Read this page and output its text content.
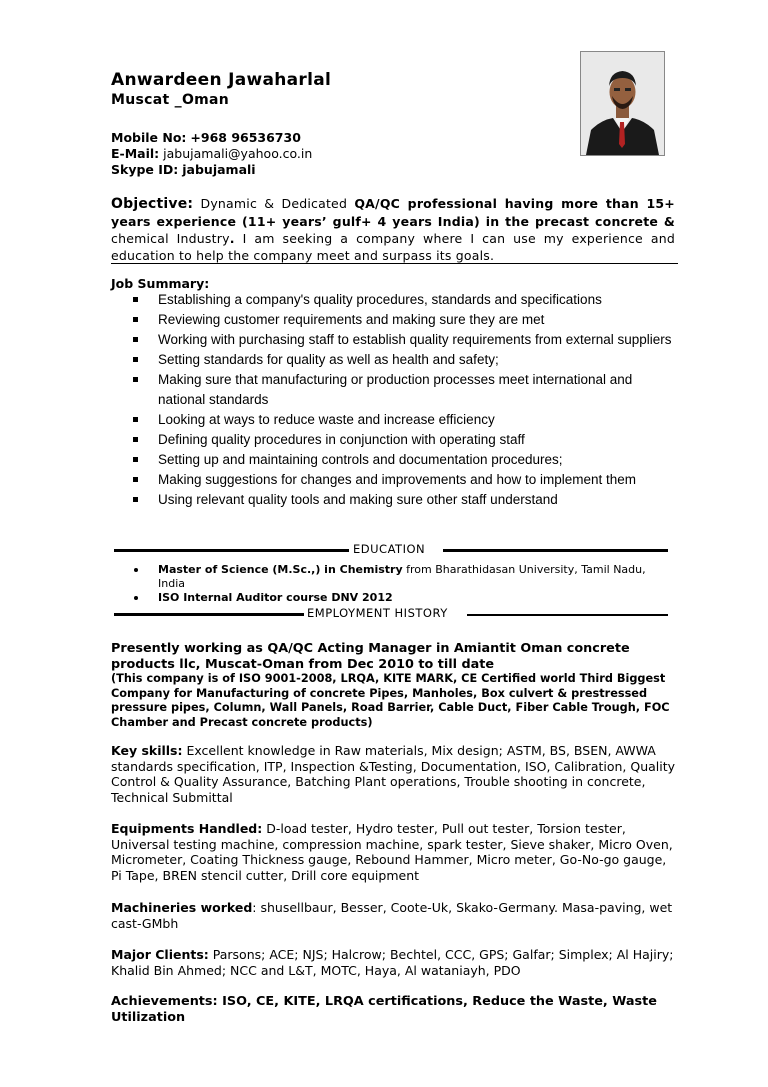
Anwardeen Jawaharlal
Muscat _Oman
Mobile No: +968 96536730
E-Mail: jabujamali@yahoo.co.in
Skype ID: jabujamali
Objective: Dynamic & Dedicated QA/QC professional having more than 15+ years experience (11+ years’ gulf+ 4 years India) in the precast concrete & chemical Industry. I am seeking a company where I can use my experience and education to help the company meet and surpass its goals.
Job Summary:
Establishing a company's quality procedures, standards and specifications
Reviewing customer requirements and making sure they are met
Working with purchasing staff to establish quality requirements from external suppliers
Setting standards for quality as well as health and safety;
Making sure that manufacturing or production processes meet international and national standards
Looking at ways to reduce waste and increase efficiency
Defining quality procedures in conjunction with operating staff
Setting up and maintaining controls and documentation procedures;
Making suggestions for changes and improvements and how to implement them
Using relevant quality tools and making sure other staff understand
EDUCATION
Master of Science (M.Sc.,) in Chemistry from Bharathidasan University, Tamil Nadu, India
ISO Internal Auditor course DNV 2012
EMPLOYMENT HISTORY
Presently working as QA/QC Acting Manager in Amiantit Oman concrete products llc, Muscat-Oman from Dec 2010 to till date
(This company is of ISO 9001-2008, LRQA, KITE MARK, CE Certified world Third Biggest Company for Manufacturing of concrete Pipes, Manholes, Box culvert & prestressed pressure pipes, Column, Wall Panels, Road Barrier, Cable Duct, Fiber Cable Trough, FOC Chamber and Precast concrete products)
Key skills: Excellent knowledge in Raw materials, Mix design; ASTM, BS, BSEN, AWWA standards specification, ITP, Inspection &Testing, Documentation, ISO, Calibration, Quality Control & Quality Assurance, Batching Plant operations, Trouble shooting in concrete, Technical Submittal
Equipments Handled: D-load tester, Hydro tester, Pull out tester, Torsion tester, Universal testing machine, compression machine, spark tester, Sieve shaker, Micro Oven, Micrometer, Coating Thickness gauge, Rebound Hammer, Micro meter, Go-No-go gauge, Pi Tape, BREN stencil cutter, Drill core equipment
Machineries worked: shusellbaur, Besser, Coote-Uk, Skako-Germany. Masa-paving, wet cast-GMbh
Major Clients: Parsons; ACE; NJS; Halcrow; Bechtel, CCC, GPS; Galfar; Simplex; Al Hajiry; Khalid Bin Ahmed; NCC and L&T, MOTC, Haya, Al wataniayh, PDO
Achievements: ISO, CE, KITE, LRQA certifications, Reduce the Waste, Waste Utilization
